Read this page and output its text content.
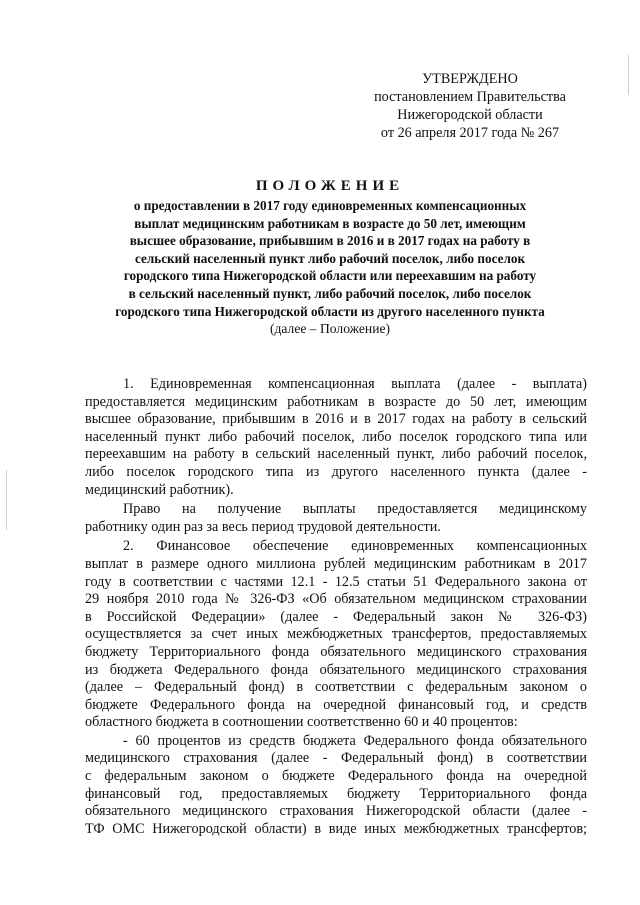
УТВЕРЖДЕНО
постановлением Правительства
Нижегородской области
от 26 апреля 2017 года № 267
ПОЛОЖЕНИЕ
о предоставлении в 2017 году единовременных компенсационных
выплат медицинским работникам в возрасте до 50 лет, имеющим
высшее образование, прибывшим в 2016 и в 2017 годах на работу в
сельский населенный пункт либо рабочий поселок, либо поселок
городского типа Нижегородской области или переехавшим на работу
в сельский населенный пункт, либо рабочий поселок, либо поселок
городского типа Нижегородской области из другого населенного пункта
(далее – Положение)
1. Единовременная компенсационная выплата (далее - выплата)
предоставляется медицинским работникам в возрасте до 50 лет, имеющим
высшее образование, прибывшим в 2016 и в 2017 годах на работу в сельский
населенный пункт либо рабочий поселок, либо поселок городского типа или
переехавшим на работу в сельский населенный пункт, либо рабочий поселок,
либо поселок городского типа из другого населенного пункта (далее -
медицинский работник).
Право на получение выплаты предоставляется медицинскому
работнику один раз за весь период трудовой деятельности.
2. Финансовое обеспечение единовременных компенсационных
выплат в размере одного миллиона рублей медицинским работникам в 2017
году в соответствии с частями 12.1 - 12.5 статьи 51 Федерального закона от
29 ноября 2010 года № 326-ФЗ «Об обязательном медицинском страховании
в Российской Федерации» (далее - Федеральный закон № 326-ФЗ)
осуществляется за счет иных межбюджетных трансфертов, предоставляемых
бюджету Территориального фонда обязательного медицинского страхования
из бюджета Федерального фонда обязательного медицинского страхования
(далее – Федеральный фонд) в соответствии с федеральным законом о
бюджете Федерального фонда на очередной финансовый год, и средств
областного бюджета в соотношении соответственно 60 и 40 процентов:
- 60 процентов из средств бюджета Федерального фонда обязательного
медицинского страхования (далее - Федеральный фонд) в соответствии
с федеральным законом о бюджете Федерального фонда на очередной
финансовый год, предоставляемых бюджету Территориального фонда
обязательного медицинского страхования Нижегородской области (далее -
ТФ ОМС Нижегородской области) в виде иных межбюджетных трансфертов;
